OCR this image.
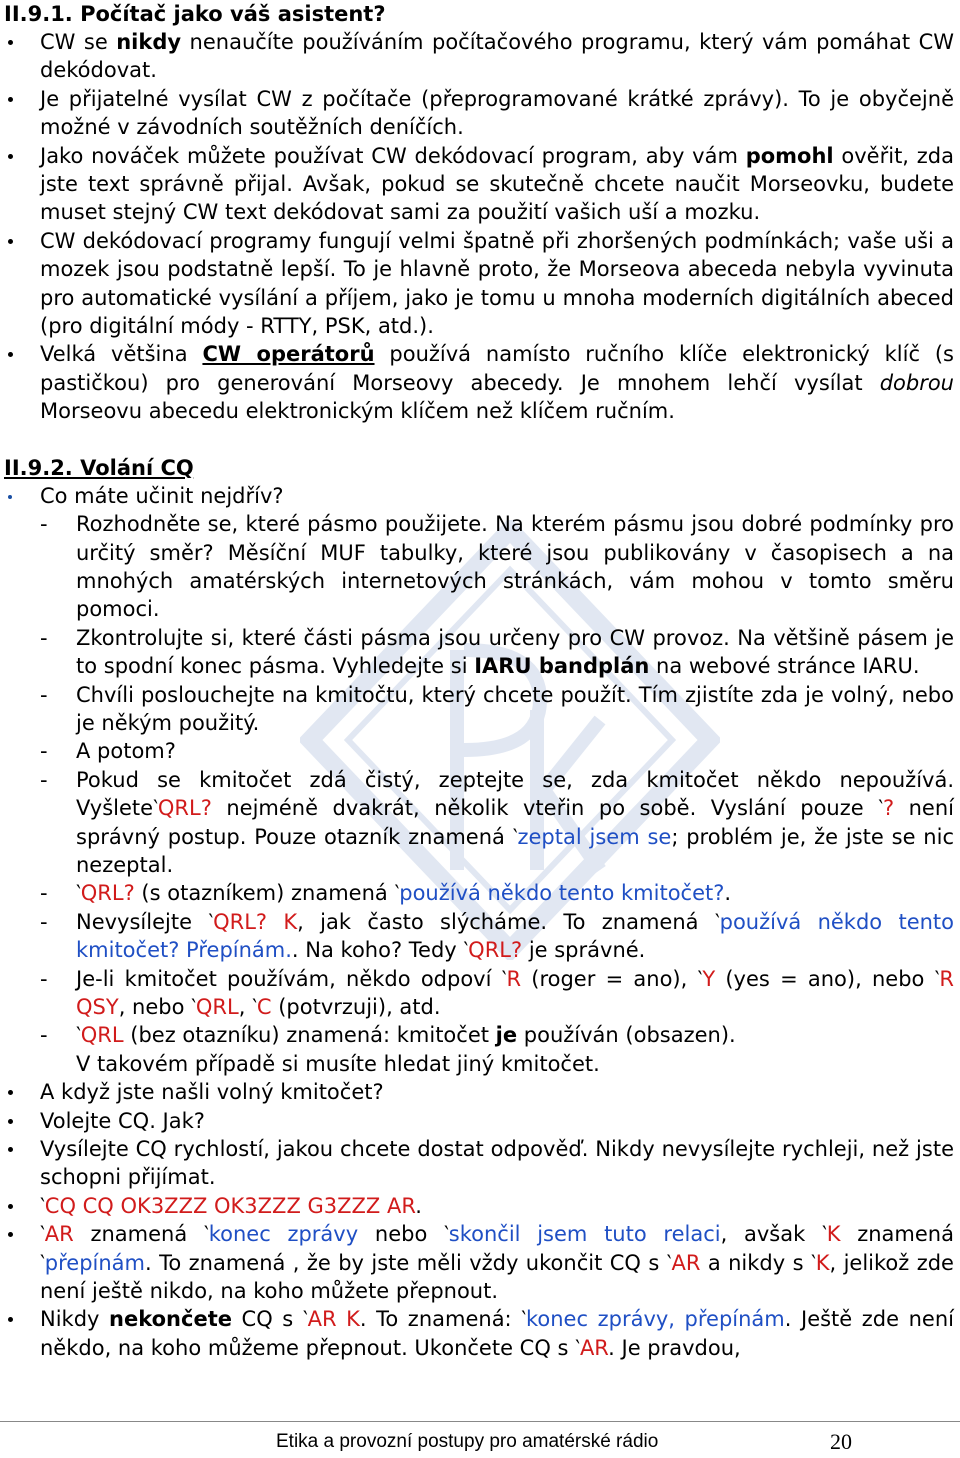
II.9.1. Počítač jako váš asistent?
CW se nikdy nenaučíte používáním počítačového programu, který vám pomáhat CW dekódovat.
Je přijatelné vysílat CW z počítače (přeprogramované krátké zprávy). To je obyčejně možné v závodních soutěžních deníčích.
Jako nováček můžete používat CW dekódovací program, aby vám pomohl ověřit, zda jste text správně přijal. Avšak, pokud se skutečně chcete naučit Morseovku, budete muset stejný CW text dekódovat sami za použití vašich uší a mozku.
CW dekódovací programy fungují velmi špatně při zhoršených podmínkách; vaše uši a mozek jsou podstatně lepší. To je hlavně proto, že Morseova abeceda nebyla vyvinuta pro automatické vysílání a příjem, jako je tomu u mnoha moderních digitálních abeced (pro digitální módy - RTTY, PSK, atd.).
Velká většina CW operátorů používá namísto ručního klíče elektronický klíč (s pastičkou) pro generování Morseovy abecedy. Je mnohem lehčí vysílat dobrou Morseovu abecedu elektronickým klíčem než klíčem ručním.
II.9.2. Volání CQ
Co máte učinit nejdřív?
- Rozhodněte se, které pásmo použijete. Na kterém pásmu jsou dobré podmínky pro určitý směr? Měsíční MUF tabulky, které jsou publikovány v časopisech a na mnohých amatérských internetových stránkách, vám mohou v tomto směru pomoci.
- Zkontrolujte si, které části pásma jsou určeny pro CW provoz. Na většině pásem je to spodní konec pásma. Vyhledejte si IARU bandplán na webové stránce IARU.
- Chvíli poslouchejte na kmitočtu, který chcete použít. Tím zjistíte zda je volný, nebo je někým použitý.
- A potom?
- Pokud se kmitočet zdá čistý, zeptejte se, zda kmitočet někdo nepoužívá. Vyšlete‵QRL? nejméně dvakrát, několik vteřin po sobě. Vyslání pouze ‵? není správný postup. Pouze otazník znamená ‵zeptal jsem se; problém je, že jste se nic nezeptal.
- ‵QRL? (s otazníkem) znamená ‵používá někdo tento kmitočet?.
- Nevysílejte ‵QRL? K, jak často slýcháme. To znamená ‵používá někdo tento kmitočet? Přepínám.. Na koho? Tedy ‵QRL? je správné.
- Je-li kmitočet používám, někdo odpoví ‵R (roger = ano), ‵Y (yes = ano), nebo ‵R QSY, nebo ‵QRL, ‵C (potvrzuji), atd.
- ‵QRL (bez otazníku) znamená: kmitočet je používán (obsazen).
V takovém případě si musíte hledat jiný kmitočet.
A když jste našli volný kmitočet?
Volejte CQ. Jak?
Vysílejte CQ rychlostí, jakou chcete dostat odpověď. Nikdy nevysílejte rychleji, než jste schopni přijímat.
‵CQ CQ OK3ZZZ OK3ZZZ G3ZZZ AR.
‵AR znamená ‵konec zprávy nebo ‵skončil jsem tuto relaci, avšak ‵K znamená ‵přepínám. To znamená , že by jste měli vždy ukončit CQ s ‵AR a nikdy s ‵K, jelikož zde není ještě nikdo, na koho můžete přepnout.
Nikdy nekončete CQ s ‵AR K. To znamená: ‵konec zprávy, přepínám. Ještě zde není někdo, na koho můžeme přepnout. Ukončete CQ s ‵AR. Je pravdou,
Etika a provozní postupy pro amatérské rádio	20
